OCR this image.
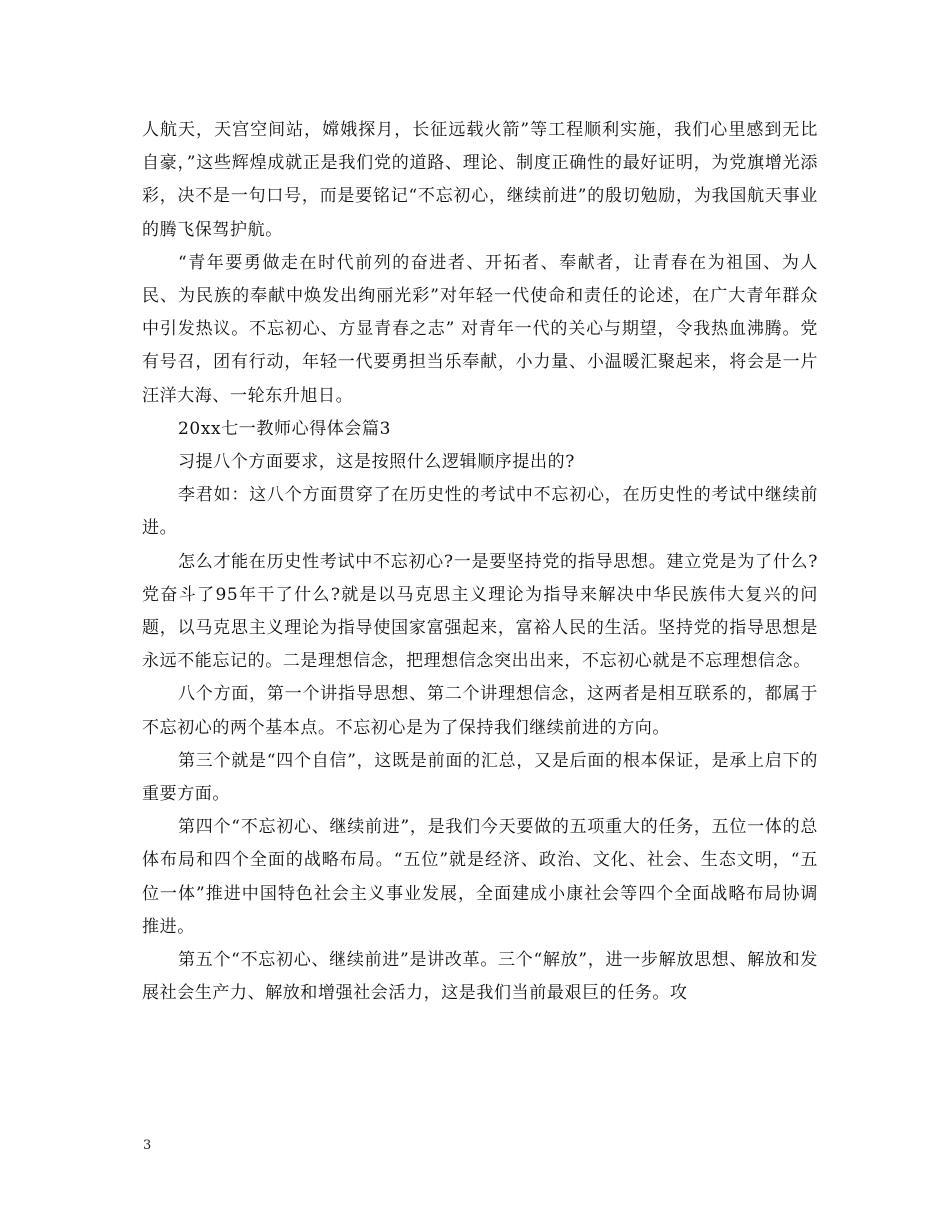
人航天，天宫空间站，嫦娥探月，长征远载火箭”等工程顺利实施，我们心里感到无比自豪，”这些辉煌成就正是我们党的道路、理论、制度正确性的最好证明，为党旗增光添彩，决不是一句口号，而是要铭记“不忘初心，继续前进”的殷切勉励，为我国航天事业的腾飞保驾护航。

“青年要勇做走在时代前列的奋进者、开拓者、奉献者，让青春在为祖国、为人民、为民族的奉献中焕发出绚丽光彩”对年轻一代使命和责任的论述，在广大青年群众中引发热议。不忘初心、方显青春之志” 对青年一代的关心与期望，令我热血沸腾。党有号召，团有行动，年轻一代要勇担当乐奉献，小力量、小温暖汇聚起来，将会是一片汪洋大海、一轮东升旭日。

20xx七一教师心得体会篇3

习提八个方面要求，这是按照什么逻辑顺序提出的?

李君如：这八个方面贯穿了在历史性的考试中不忘初心，在历史性的考试中继续前进。

怎么才能在历史性考试中不忘初心?一是要坚持党的指导思想。建立党是为了什么?党奋斗了95年干了什么?就是以马克思主义理论为指导来解决中华民族伟大复兴的问题，以马克思主义理论为指导使国家富强起来，富裕人民的生活。坚持党的指导思想是永远不能忘记的。二是理想信念，把理想信念突出出来，不忘初心就是不忘理想信念。

八个方面，第一个讲指导思想、第二个讲理想信念，这两者是相互联系的，都属于不忘初心的两个基本点。不忘初心是为了保持我们继续前进的方向。

第三个就是“四个自信”，这既是前面的汇总，又是后面的根本保证，是承上启下的重要方面。

第四个“不忘初心、继续前进”，是我们今天要做的五项重大的任务，五位一体的总体布局和四个全面的战略布局。“五位”就是经济、政治、文化、社会、生态文明，“五位一体”推进中国特色社会主义事业发展，全面建成小康社会等四个全面战略布局协调推进。

第五个“不忘初心、继续前进”是讲改革。三个“解放”，进一步解放思想、解放和发展社会生产力、解放和增强社会活力，这是我们当前最艰巨的任务。攻

3
